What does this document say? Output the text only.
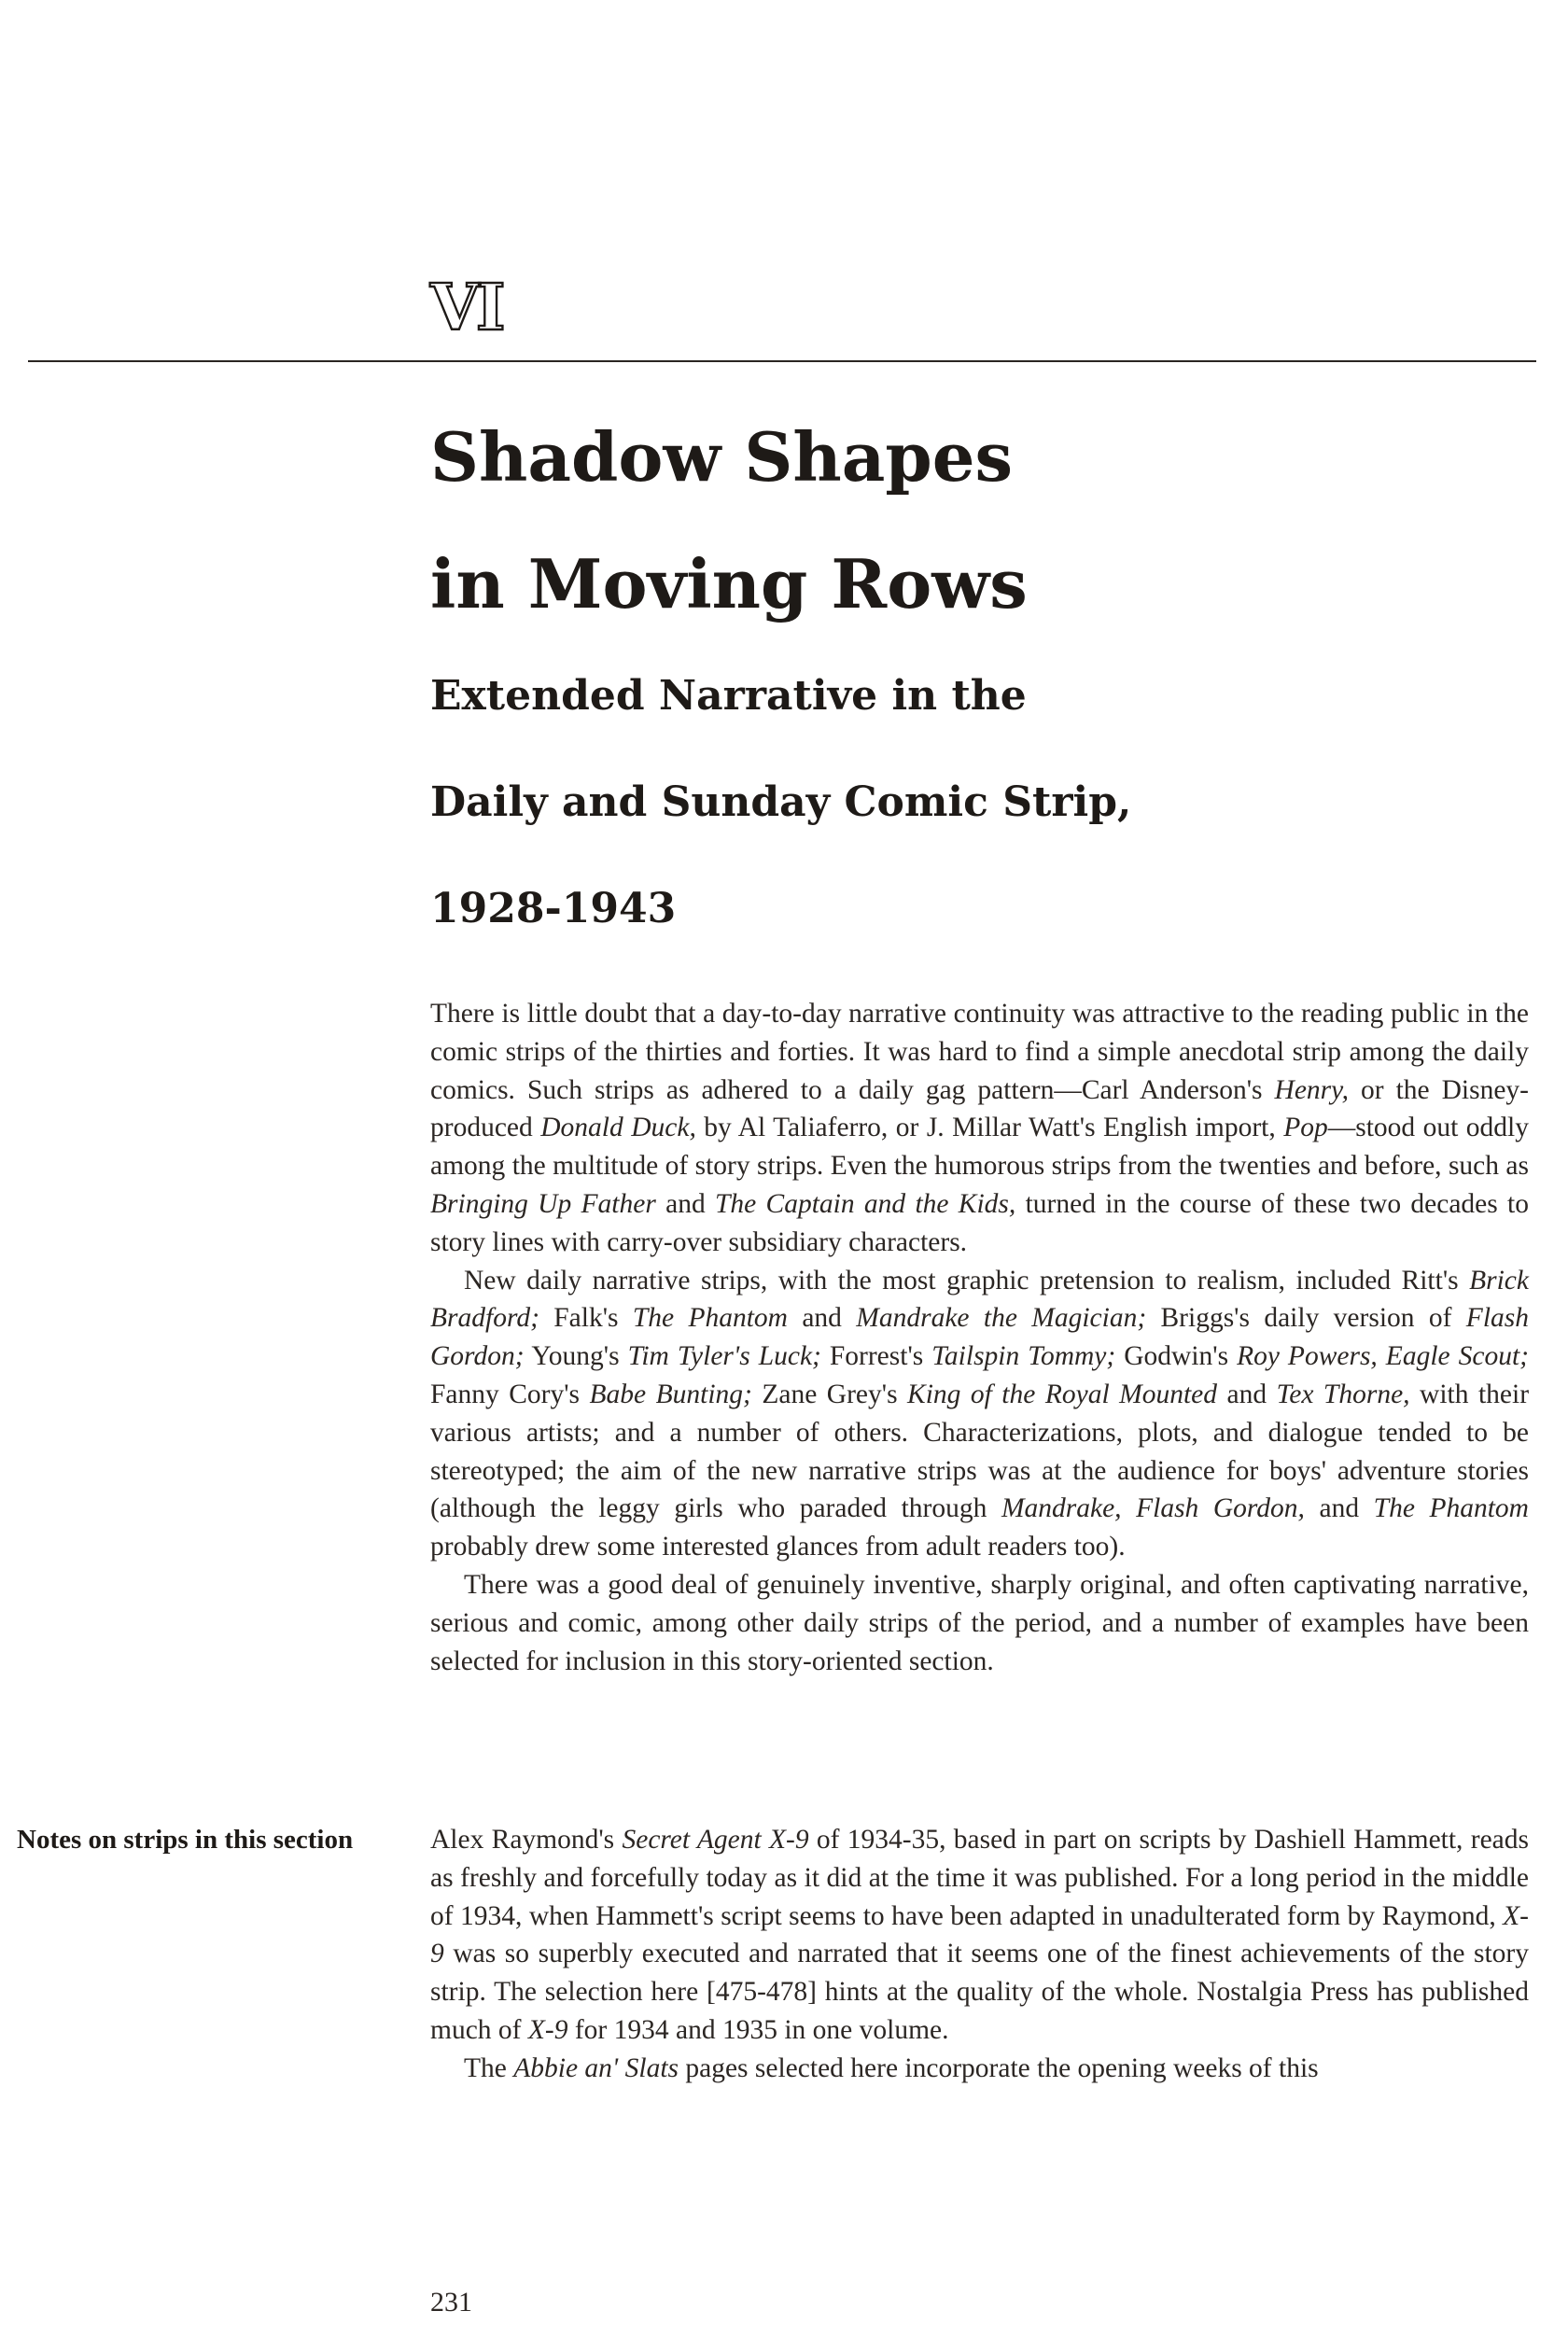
VI
Shadow Shapes
in Moving Rows
Extended Narrative in the
Daily and Sunday Comic Strip,
1928-1943

There is little doubt that a day-to-day narrative continuity was attractive to the reading public in the comic strips of the thirties and forties. It was hard to find a simple anecdotal strip among the daily comics. Such strips as adhered to a daily gag pattern—Carl Anderson's Henry, or the Disney-produced Donald Duck, by Al Taliaferro, or J. Millar Watt's English import, Pop—stood out oddly among the multitude of story strips. Even the humorous strips from the twenties and before, such as Bringing Up Father and The Captain and the Kids, turned in the course of these two decades to story lines with carry-over subsidiary characters.

New daily narrative strips, with the most graphic pretension to realism, included Ritt's Brick Bradford; Falk's The Phantom and Mandrake the Magician; Briggs's daily version of Flash Gordon; Young's Tim Tyler's Luck; Forrest's Tailspin Tommy; Godwin's Roy Powers, Eagle Scout; Fanny Cory's Babe Bunting; Zane Grey's King of the Royal Mounted and Tex Thorne, with their various artists; and a number of others. Characterizations, plots, and dialogue tended to be stereotyped; the aim of the new narrative strips was at the audience for boys' adventure stories (although the leggy girls who paraded through Mandrake, Flash Gordon, and The Phantom probably drew some interested glances from adult readers too).

There was a good deal of genuinely inventive, sharply original, and often captivating narrative, serious and comic, among other daily strips of the period, and a number of examples have been selected for inclusion in this story-oriented section.

Notes on strips in this section	Alex Raymond's Secret Agent X-9 of 1934-35, based in part on scripts by Dashiell Hammett, reads as freshly and forcefully today as it did at the time it was published. For a long period in the middle of 1934, when Hammett's script seems to have been adapted in unadulterated form by Raymond, X-9 was so superbly executed and narrated that it seems one of the finest achievements of the story strip. The selection here [475-478] hints at the quality of the whole. Nostalgia Press has published much of X-9 for 1934 and 1935 in one volume.

The Abbie an' Slats pages selected here incorporate the opening weeks of this

231
